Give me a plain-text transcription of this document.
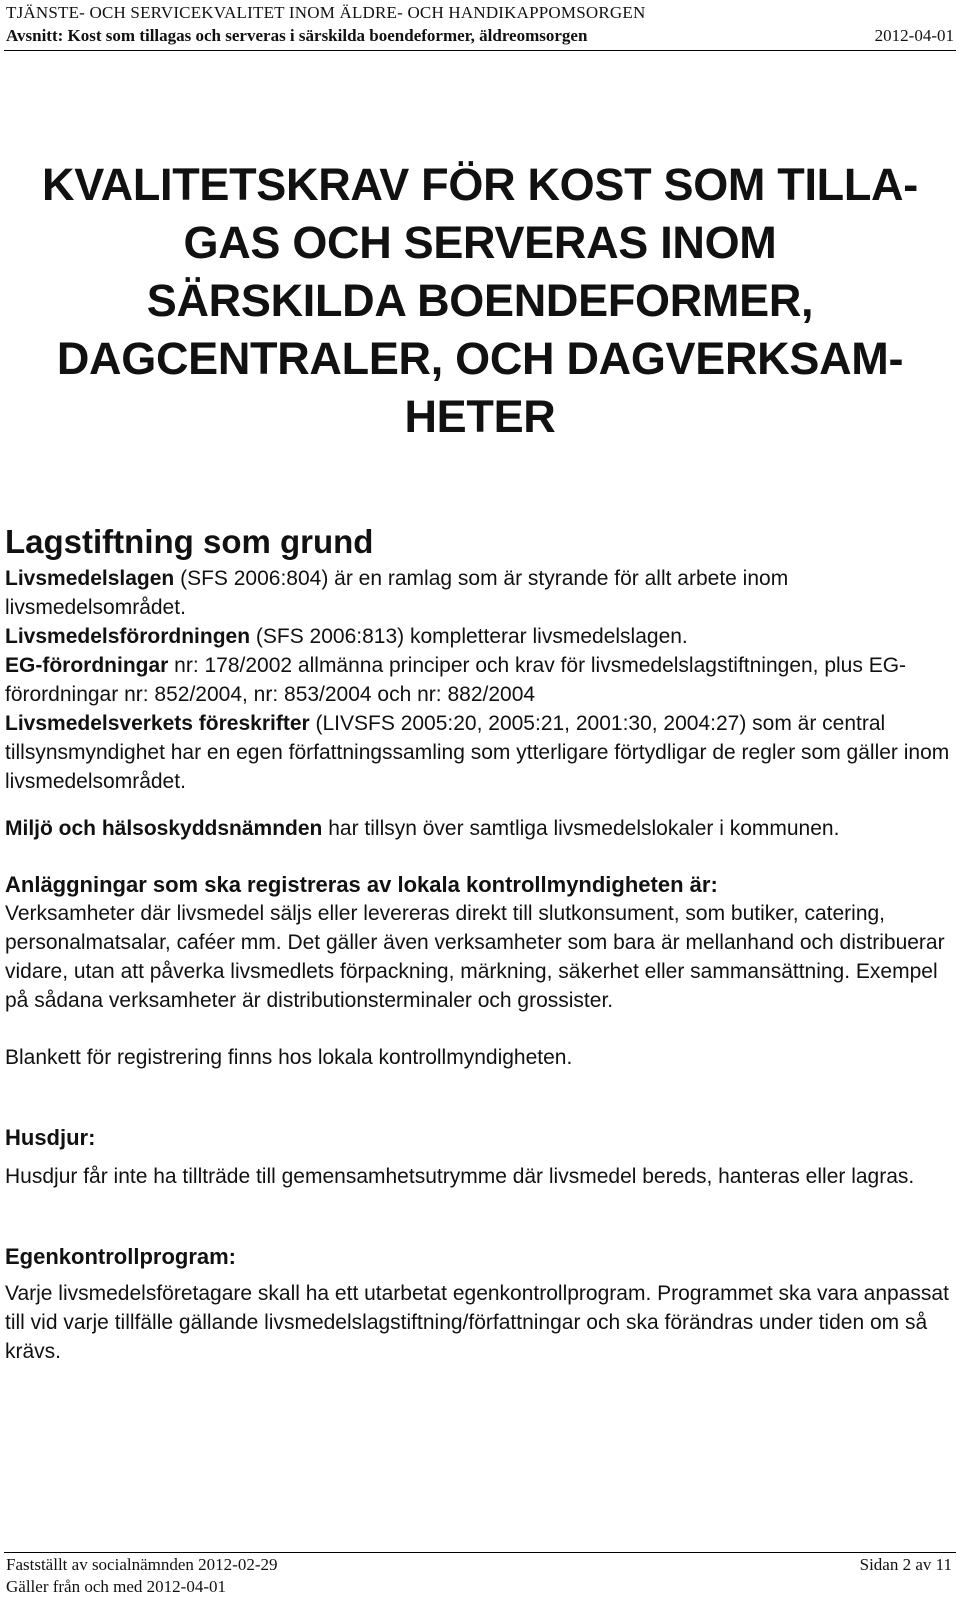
TJÄNSTE- OCH SERVICEKVALITET INOM ÄLDRE- OCH HANDIKAPPOMSORGEN
Avsnitt: Kost som tillagas och serveras i särskilda boendeformer, äldreomsorgen	2012-04-01
KVALITETSKRAV FÖR KOST SOM TILLA-
GAS OCH SERVERAS INOM
SÄRSKILDA BOENDEFORMER,
DAGCENTRALER, OCH DAGVERKSAM-
HETER
Lagstiftning som grund

Livsmedelslagen (SFS 2006:804) är en ramlag som är styrande för allt arbete inom livsmedelsområdet.

Livsmedelsförordningen (SFS 2006:813) kompletterar livsmedelslagen.

EG-förordningar nr: 178/2002 allmänna principer och krav för livsmedelslagstiftningen, plus EG-förordningar nr: 852/2004, nr: 853/2004 och nr: 882/2004

Livsmedelsverkets föreskrifter (LIVSFS 2005:20, 2005:21, 2001:30, 2004:27) som är central tillsynsmyndighet har en egen författningssamling som ytterligare förtydligar de regler som gäller inom livsmedelsområdet.

Miljö och hälsoskyddsnämnden har tillsyn över samtliga livsmedelslokaler i kommunen.

Anläggningar som ska registreras av lokala kontrollmyndigheten är:

Verksamheter där livsmedel säljs eller levereras direkt till slutkonsument, som butiker, catering, personalmatsalar, caféer mm. Det gäller även verksamheter som bara är mellanhand och distribuerar vidare, utan att påverka livsmedlets förpackning, märkning, säkerhet eller sammansättning. Exempel på sådana verksamheter är distributionsterminaler och grossister.

Blankett för registrering finns hos lokala kontrollmyndigheten.

Husdjur:

Husdjur får inte ha tillträde till gemensamhetsutrymme där livsmedel bereds, hanteras eller lagras.

Egenkontrollprogram:

Varje livsmedelsföretagare skall ha ett utarbetat egenkontrollprogram. Programmet ska vara anpassat till vid varje tillfälle gällande livsmedelslagstiftning/författningar och ska förändras under tiden om så krävs.

Fastställt av socialnämnden 2012-02-29	Sidan 2 av 11
Gäller från och med 2012-04-01
